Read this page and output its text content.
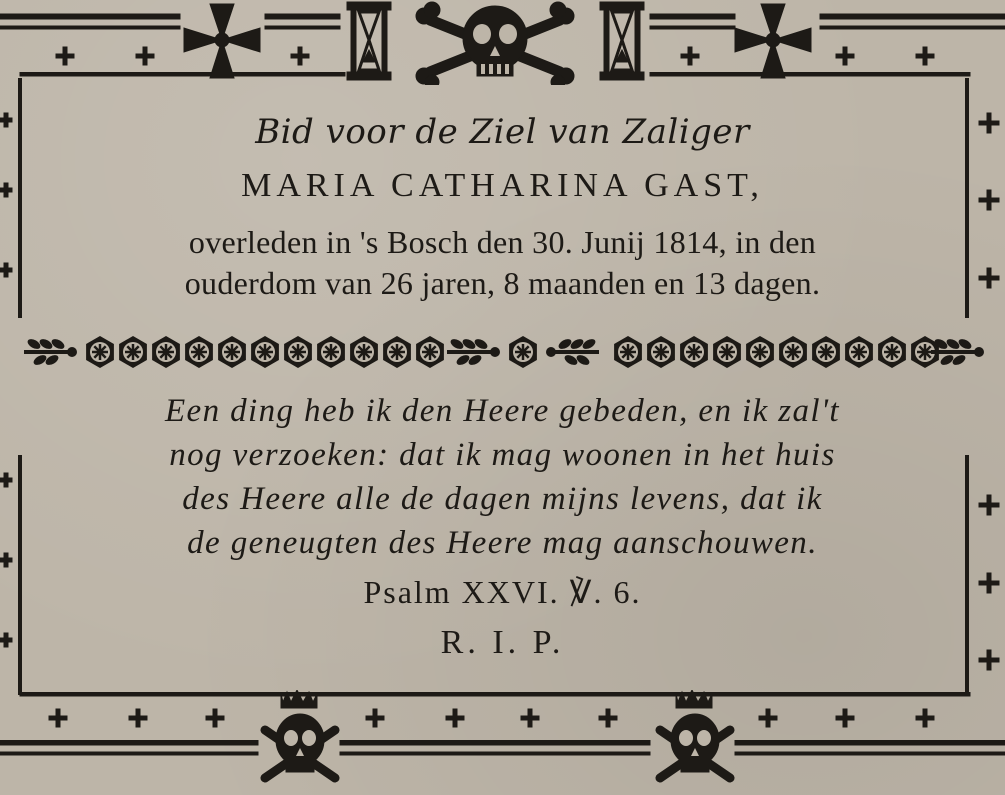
Bid voor de Ziel van Zaliger
MARIA CATHARINA GAST,
overleden in 's Bosch den 30. Junij 1814, in den
ouderdom van 26 jaren, 8 maanden en 13 dagen.
Een ding heb ik den Heere gebeden, en ik zal't
nog verzoeken: dat ik mag woonen in het huis
des Heere alle de dagen mijns levens, dat ik
de geneugten des Heere mag aanschouwen.
Psalm XXVI. ℣. 6.
R. I. P.
